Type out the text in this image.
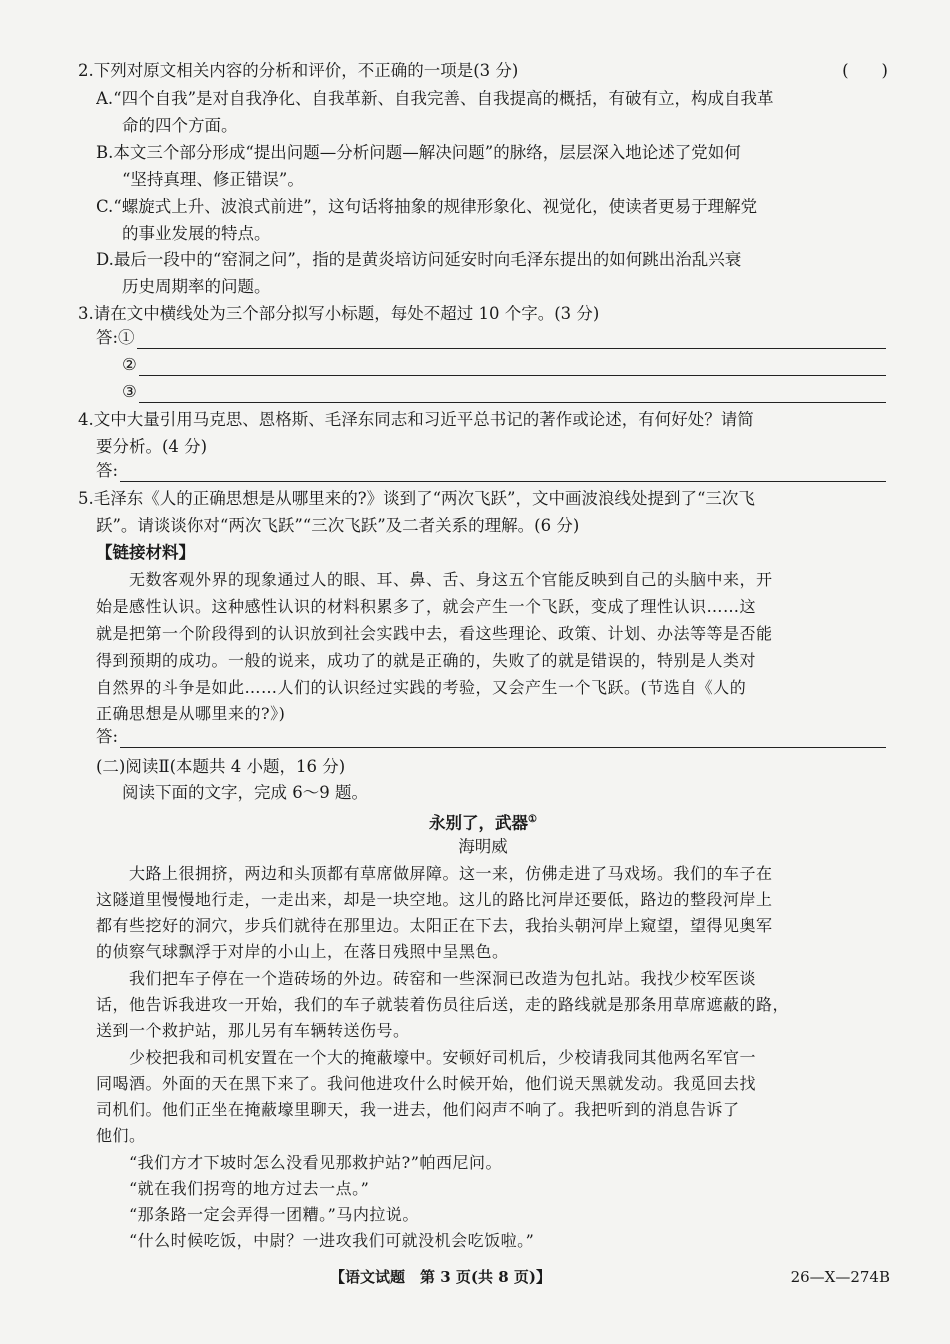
2.下列对原文相关内容的分析和评价，不正确的一项是(3 分)	(　　)
A.“四个自我”是对自我净化、自我革新、自我完善、自我提高的概括，有破有立，构成自我革
命的四个方面。
B.本文三个部分形成“提出问题—分析问题—解决问题”的脉络，层层深入地论述了党如何
“坚持真理、修正错误”。
C.“螺旋式上升、波浪式前进”，这句话将抽象的规律形象化、视觉化，使读者更易于理解党
的事业发展的特点。
D.最后一段中的“窑洞之问”，指的是黄炎培访问延安时向毛泽东提出的如何跳出治乱兴衰
历史周期率的问题。
3.请在文中横线处为三个部分拟写小标题，每处不超过 10 个字。(3 分)
答:①
②
③
4.文中大量引用马克思、恩格斯、毛泽东同志和习近平总书记的著作或论述，有何好处？请简
要分析。(4 分)
答:
5.毛泽东《人的正确思想是从哪里来的?》谈到了“两次飞跃”，文中画波浪线处提到了“三次飞
跃”。请谈谈你对“两次飞跃”“三次飞跃”及二者关系的理解。(6 分)
【链接材料】
　　无数客观外界的现象通过人的眼、耳、鼻、舌、身这五个官能反映到自己的头脑中来，开
始是感性认识。这种感性认识的材料积累多了，就会产生一个飞跃，变成了理性认识……这
就是把第一个阶段得到的认识放到社会实践中去，看这些理论、政策、计划、办法等等是否能
得到预期的成功。一般的说来，成功了的就是正确的，失败了的就是错误的，特别是人类对
自然界的斗争是如此……人们的认识经过实践的考验，又会产生一个飞跃。(节选自《人的
正确思想是从哪里来的?》)
答:
(二)阅读Ⅱ(本题共 4 小题，16 分)
阅读下面的文字，完成 6～9 题。
永别了，武器①
海明威
　　大路上很拥挤，两边和头顶都有草席做屏障。这一来，仿佛走进了马戏场。我们的车子在
这隧道里慢慢地行走，一走出来，却是一块空地。这儿的路比河岸还要低，路边的整段河岸上
都有些挖好的洞穴，步兵们就待在那里边。太阳正在下去，我抬头朝河岸上窥望，望得见奥军
的侦察气球飘浮于对岸的小山上，在落日残照中呈黑色。
　　我们把车子停在一个造砖场的外边。砖窑和一些深洞已改造为包扎站。我找少校军医谈
话，他告诉我进攻一开始，我们的车子就装着伤员往后送，走的路线就是那条用草席遮蔽的路，
送到一个救护站，那儿另有车辆转送伤号。
　　少校把我和司机安置在一个大的掩蔽壕中。安顿好司机后，少校请我同其他两名军官一
同喝酒。外面的天在黑下来了。我问他进攻什么时候开始，他们说天黑就发动。我觅回去找
司机们。他们正坐在掩蔽壕里聊天，我一进去，他们闷声不响了。我把听到的消息告诉了
他们。
　　“我们方才下坡时怎么没看见那救护站?”帕西尼问。
　　“就在我们拐弯的地方过去一点。”
　　“那条路一定会弄得一团糟。”马内拉说。
　　“什么时候吃饭，中尉？一进攻我们可就没机会吃饭啦。”
【语文试题　第 3 页(共 8 页)】	26—X—274B
